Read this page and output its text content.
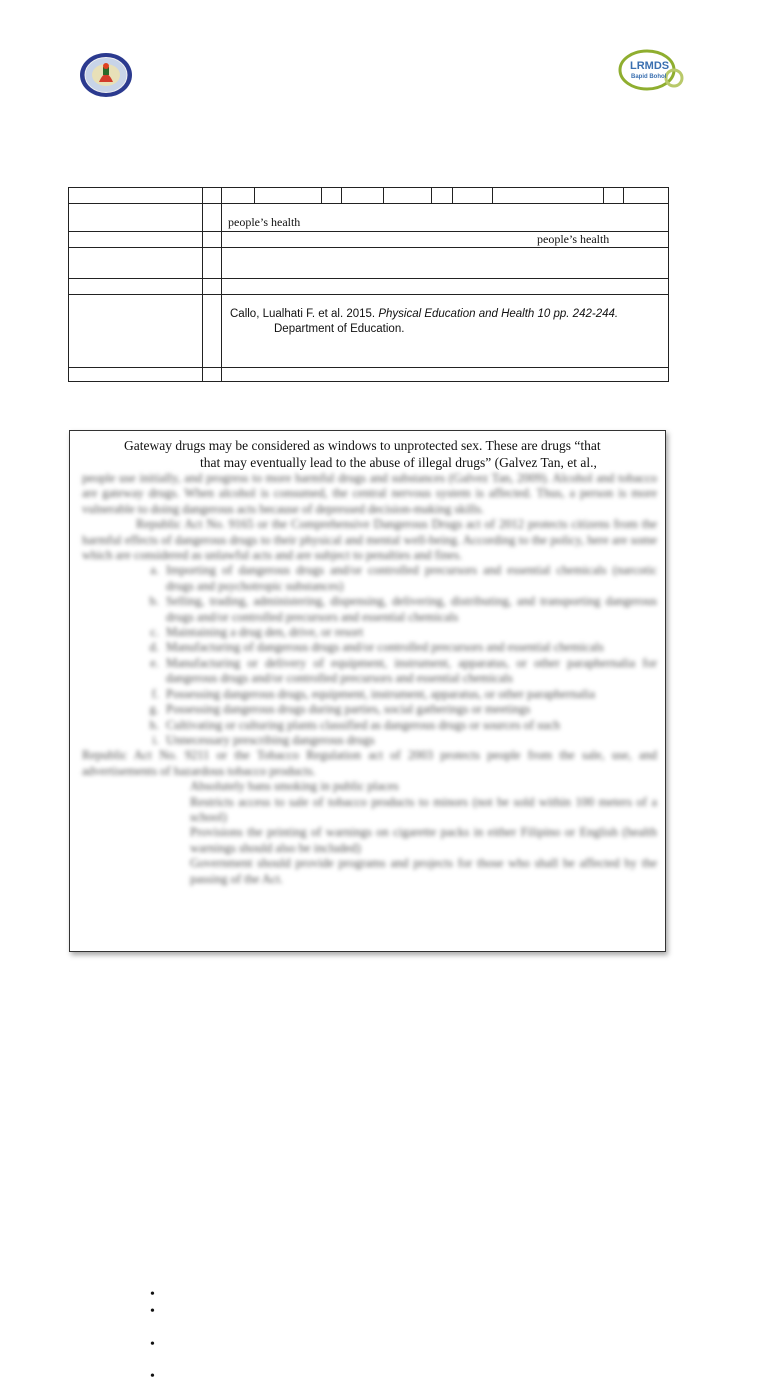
LRMDS
Bapid Bohol

		people’s health									

		people’s health									

		Callo, Lualhati F. et al. 2015. Physical Education and Health 10 pp. 242-244.
Department of Education.									

Gateway drugs may be considered as windows to unprotected sex. These are drugs “that
that may eventually lead to the abuse of illegal drugs” (Galvez Tan, et al.,

people use initially, and progress to more harmful drugs and substances (Galvez Tan, 2009). Alcohol and tobacco are gateway drugs. When alcohol is consumed, the central nervous system is affected. Thus, a person is more vulnerable to doing dangerous acts because of depressed decision-making skills.

Republic Act No. 9165 or the Comprehensive Dangerous Drugs act of 2012 protects citizens from the harmful effects of dangerous drugs to their physical and mental well-being. According to the policy, here are some which are considered as unlawful acts and are subject to penalties and fines.

a. Importing of dangerous drugs and/or controlled precursors and essential chemicals (narcotic drugs and psychotropic substances)
b. Selling, trading, administering, dispensing, delivering, distributing, and transporting dangerous drugs and/or controlled precursors and essential chemicals
c. Maintaining a drug den, drive, or resort
d. Manufacturing of dangerous drugs and/or controlled precursors and essential chemicals
e. Manufacturing or delivery of equipment, instrument, apparatus, or other paraphernalia for dangerous drugs and/or controlled precursors and essential chemicals
f. Possessing dangerous drugs, equipment, instrument, apparatus, or other paraphernalia
g. Possessing dangerous drugs during parties, social gatherings or meetings
h. Cultivating or culturing plants classified as dangerous drugs or sources of such
i. Unnecessary prescribing dangerous drugs

Republic Act No. 9211 or the Tobacco Regulation act of 2003 protects people from the sale, use, and advertisements of hazardous tobacco products.

Absolutely bans smoking in public places
Restricts access to sale of tobacco products to minors (not be sold within 100 meters of a school)
Provisions the printing of warnings on cigarette packs in either Filipino or English (health warnings should also be included)
Government should provide programs and projects for those who shall be affected by the passing of the Act.
•
•
•
•
